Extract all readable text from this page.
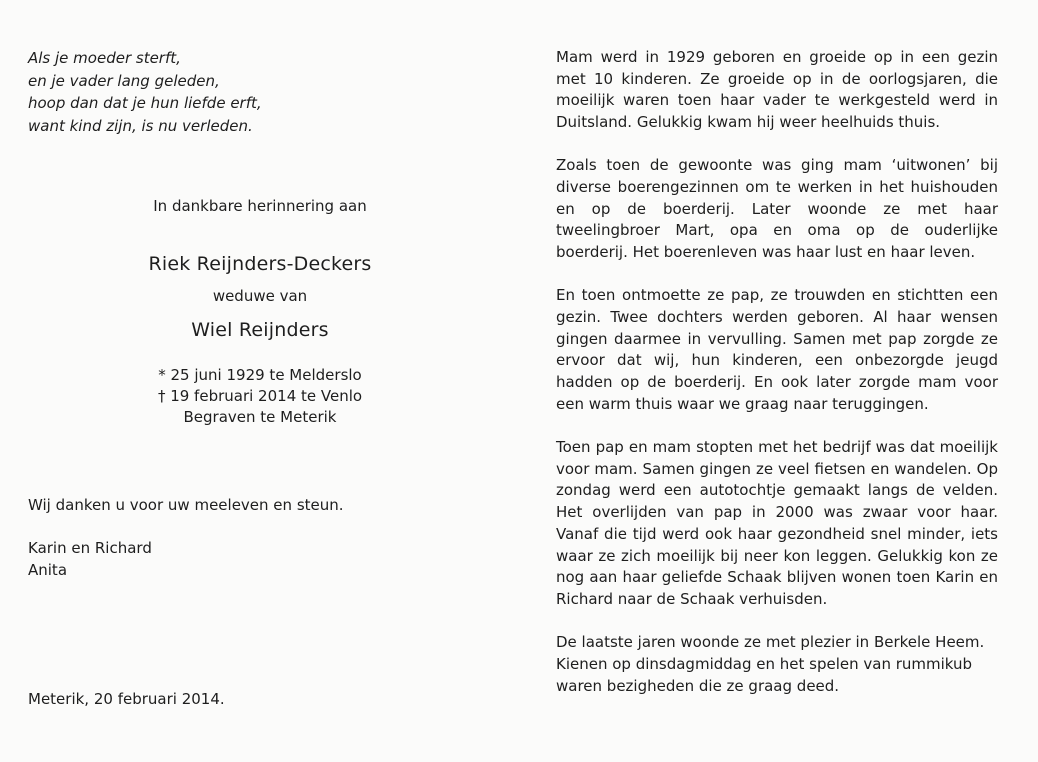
Als je moeder sterft,
en je vader lang geleden,
hoop dan dat je hun liefde erft,
want kind zijn, is nu verleden.
In dankbare herinnering aan
Riek Reijnders-Deckers
weduwe van
Wiel Reijnders
* 25 juni 1929 te Melderslo
† 19 februari 2014 te Venlo
Begraven te Meterik
Wij danken u voor uw meeleven en steun.
Karin en Richard
Anita
Meterik, 20 februari 2014.

Mam werd in 1929 geboren en groeide op in een gezin met 10 kinderen. Ze groeide op in de oorlogsjaren, die moeilijk waren toen haar vader te werkgesteld werd in Duitsland. Gelukkig kwam hij weer heelhuids thuis.

Zoals toen de gewoonte was ging mam ‘uitwonen’ bij diverse boerengezinnen om te werken in het huishouden en op de boerderij. Later woonde ze met haar tweelingbroer Mart, opa en oma op de ouderlijke boerderij. Het boerenleven was haar lust en haar leven.

En toen ontmoette ze pap, ze trouwden en stichtten een gezin. Twee dochters werden geboren. Al haar wensen gingen daarmee in vervulling. Samen met pap zorgde ze ervoor dat wij, hun kinderen, een onbezorgde jeugd hadden op de boerderij. En ook later zorgde mam voor een warm thuis waar we graag naar teruggingen.

Toen pap en mam stopten met het bedrijf was dat moeilijk voor mam. Samen gingen ze veel fietsen en wandelen. Op zondag werd een autotochtje gemaakt langs de velden. Het overlijden van pap in 2000 was zwaar voor haar. Vanaf die tijd werd ook haar gezondheid snel minder, iets waar ze zich moeilijk bij neer kon leggen. Gelukkig kon ze nog aan haar geliefde Schaak blijven wonen toen Karin en Richard naar de Schaak verhuisden.

De laatste jaren woonde ze met plezier in Berkele Heem. Kienen op dinsdagmiddag en het spelen van rummikub waren bezigheden die ze graag deed.
